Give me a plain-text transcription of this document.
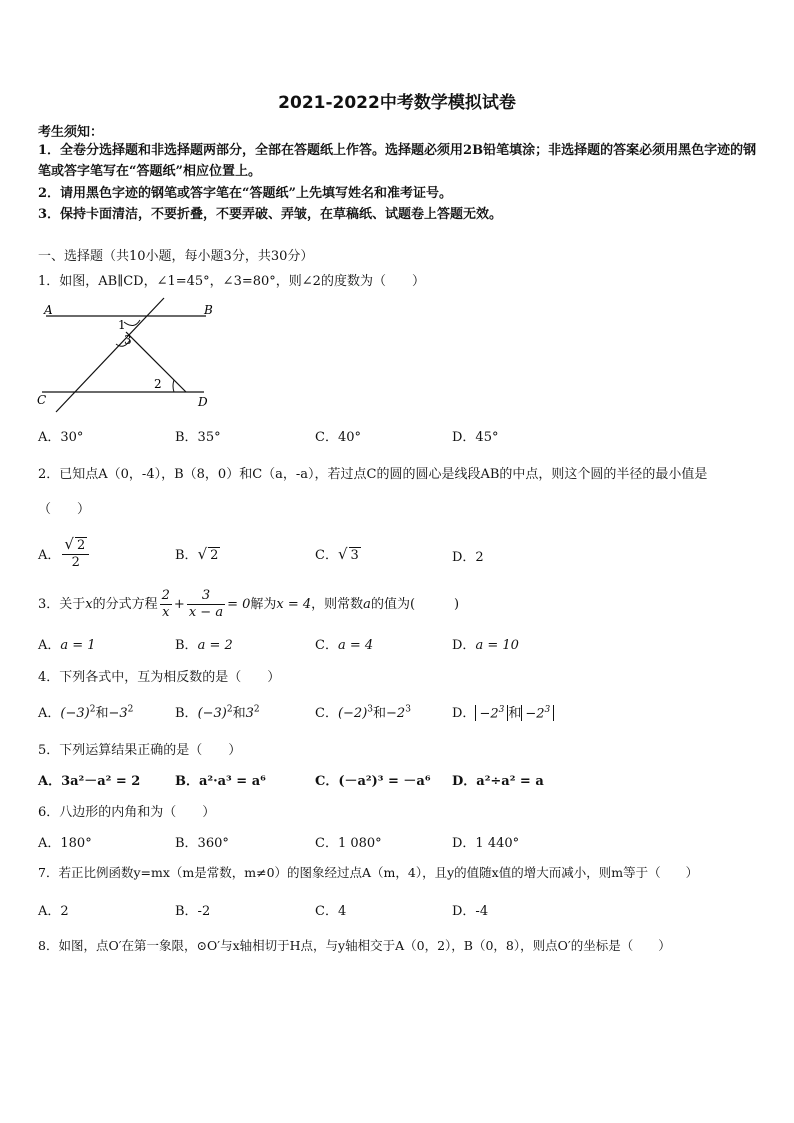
2021-2022中考数学模拟试卷
考生须知：
1．全卷分选择题和非选择题两部分，全部在答题纸上作答。选择题必须用2B铅笔填涂；非选择题的答案必须用黑色字迹的钢笔或答字笔写在“答题纸”相应位置上。
2．请用黑色字迹的钢笔或答字笔在“答题纸”上先填写姓名和准考证号。
3．保持卡面清洁，不要折叠，不要弄破、弄皱，在草稿纸、试题卷上答题无效。
一、选择题（共10小题，每小题3分，共30分）
1．如图，AB∥CD，∠1=45°，∠3=80°，则∠2的度数为（　　）
A	B
C	D
1
3
2
A．30°	B．35°	C．40°	D．45°
2．已知点A（0，-4），B（8，0）和C（a，-a），若过点C的圆的圆心是线段AB的中点，则这个圆的半径的最小值是
（　　）
A． $\frac{√ 2}{2}$	B．√ 2	C．√ 3	D．2
3．关于x的分式方程 $\frac{2}{x} + \frac{3}{x - a} = 0$解为x = 4，则常数a的值为(　　　)
A．a = 1	B．a = 2	C．a = 4	D．a = 10
4．下列各式中，互为相反数的是（　　）
A．$(-3)^2$和$-3^2$	B．$(-3)^2$和$3^2$	C．$(-2)^3$和$-2^3$	D． $-2^3$ 和 $-2^3$
5．下列运算结果正确的是（　　）
A．3a²－a² = 2	B．a²·a³ = a⁶	C．(－a²)³ = －a⁶ D．a²÷a² = a
6．八边形的内角和为（　　）
A．180°	B．360°	C．1 080°	D．1 440°
7．若正比例函数y=mx（m是常数，m≠0）的图象经过点A（m，4），且y的值随x值的增大而减小，则m等于（　　）
A．2	B．-2	C．4	D．-4
8．如图，点O′在第一象限，⊙O′与x轴相切于H点，与y轴相交于A（0，2），B（0，8），则点O′的坐标是（　　）
